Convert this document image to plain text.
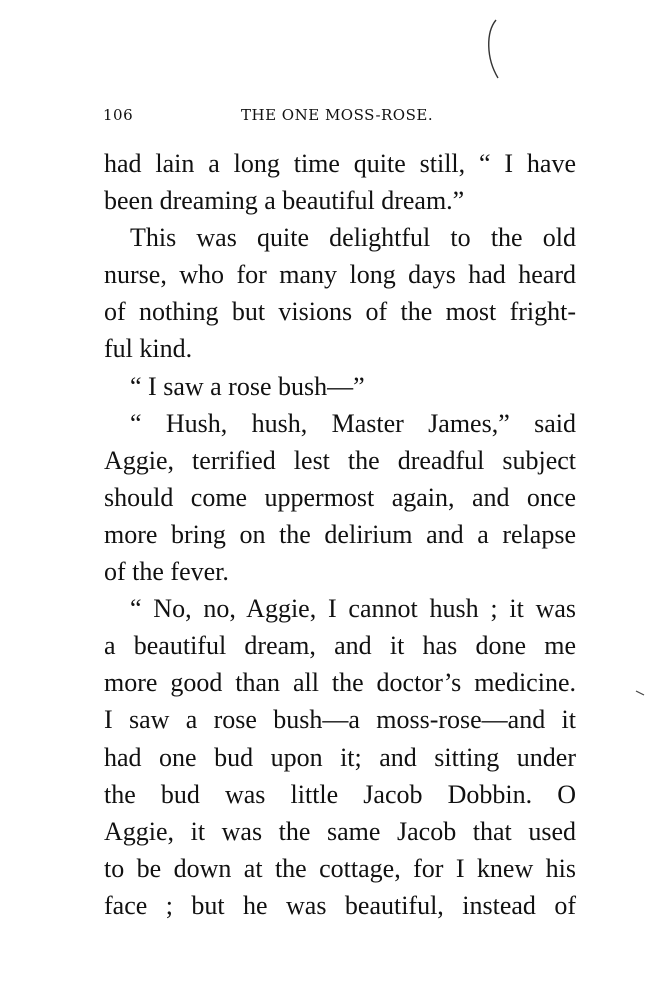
106	THE ONE MOSS-ROSE.
had lain a long time quite still, “ I have
been dreaming a beautiful dream.”
This was quite delightful to the old
nurse, who for many long days had heard
of nothing but visions of the most fright-
ful kind.
“ I saw a rose bush—”
“ Hush, hush, Master James,” said
Aggie, terrified lest the dreadful subject
should come uppermost again, and once
more bring on the delirium and a relapse
of the fever.
“ No, no, Aggie, I cannot hush ; it was
a beautiful dream, and it has done me
more good than all the doctor’s medicine.
I saw a rose bush—a moss-rose—and it
had one bud upon it; and sitting under
the bud was little Jacob Dobbin. O
Aggie, it was the same Jacob that used
to be down at the cottage, for I knew his
face ; but he was beautiful, instead of
